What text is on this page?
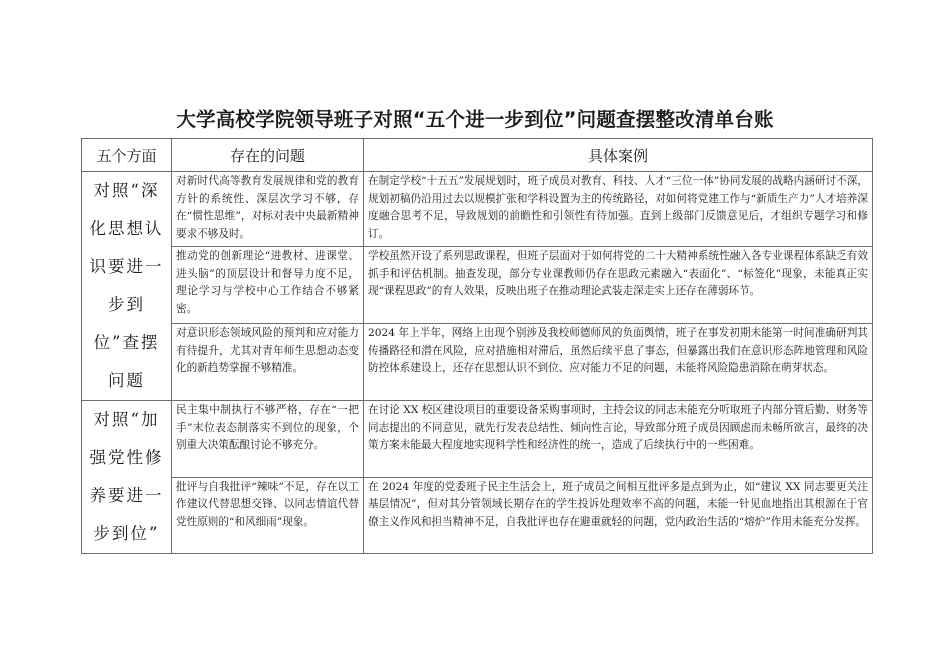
大学高校学院领导班子对照“五个进一步到位”问题查摆整改清单台账
五个方面	存在的问题	具体案例
对照“深化思想认识要进一步到位”查摆问题	对新时代高等教育发展规律和党的教育方针的系统性、深层次学习不够，存在“惯性思维”，对标对表中央最新精神要求不够及时。	在制定学校“十五五”发展规划时，班子成员对教育、科技、人才“三位一体”协同发展的战略内涵研讨不深，规划初稿仍沿用过去以规模扩张和学科设置为主的传统路径，对如何将党建工作与“新质生产力”人才培养深度融合思考不足，导致规划的前瞻性和引领性有待加强。直到上级部门反馈意见后，才组织专题学习和修订。
	推动党的创新理论“进教材、进课堂、进头脑”的顶层设计和督导力度不足，理论学习与学校中心工作结合不够紧密。	学校虽然开设了系列思政课程，但班子层面对于如何将党的二十大精神系统性融入各专业课程体系缺乏有效抓手和评估机制。抽查发现，部分专业课教师仍存在思政元素融入“表面化”、“标签化”现象，未能真正实现“课程思政”的育人效果，反映出班子在推动理论武装走深走实上还存在薄弱环节。
	对意识形态领域风险的预判和应对能力有待提升，尤其对青年师生思想动态变化的新趋势掌握不够精准。	2024 年上半年，网络上出现个别涉及我校师德师风的负面舆情，班子在事发初期未能第一时间准确研判其传播路径和潜在风险，应对措施相对滞后，虽然后续平息了事态，但暴露出我们在意识形态阵地管理和风险防控体系建设上，还存在思想认识不到位、应对能力不足的问题，未能将风险隐患消除在萌芽状态。
对照“加强党性修养要进一步到位”	民主集中制执行不够严格，存在“一把手”末位表态制落实不到位的现象，个别重大决策酝酿讨论不够充分。	在讨论 XX 校区建设项目的重要设备采购事项时，主持会议的同志未能充分听取班子内部分管后勤、财务等同志提出的不同意见，就先行发表总结性、倾向性言论，导致部分班子成员因顾虑而未畅所欲言，最终的决策方案未能最大程度地实现科学性和经济性的统一，造成了后续执行中的一些困难。
	批评与自我批评“辣味”不足，存在以工作建议代替思想交锋、以同志情谊代替党性原则的“和风细雨”现象。	在 2024 年度的党委班子民主生活会上，班子成员之间相互批评多是点到为止，如“建议 XX 同志要更关注基层情况”，但对其分管领域长期存在的学生投诉处理效率不高的问题，未能一针见血地指出其根源在于官僚主义作风和担当精神不足，自我批评也存在避重就轻的问题，党内政治生活的“熔炉”作用未能充分发挥。
